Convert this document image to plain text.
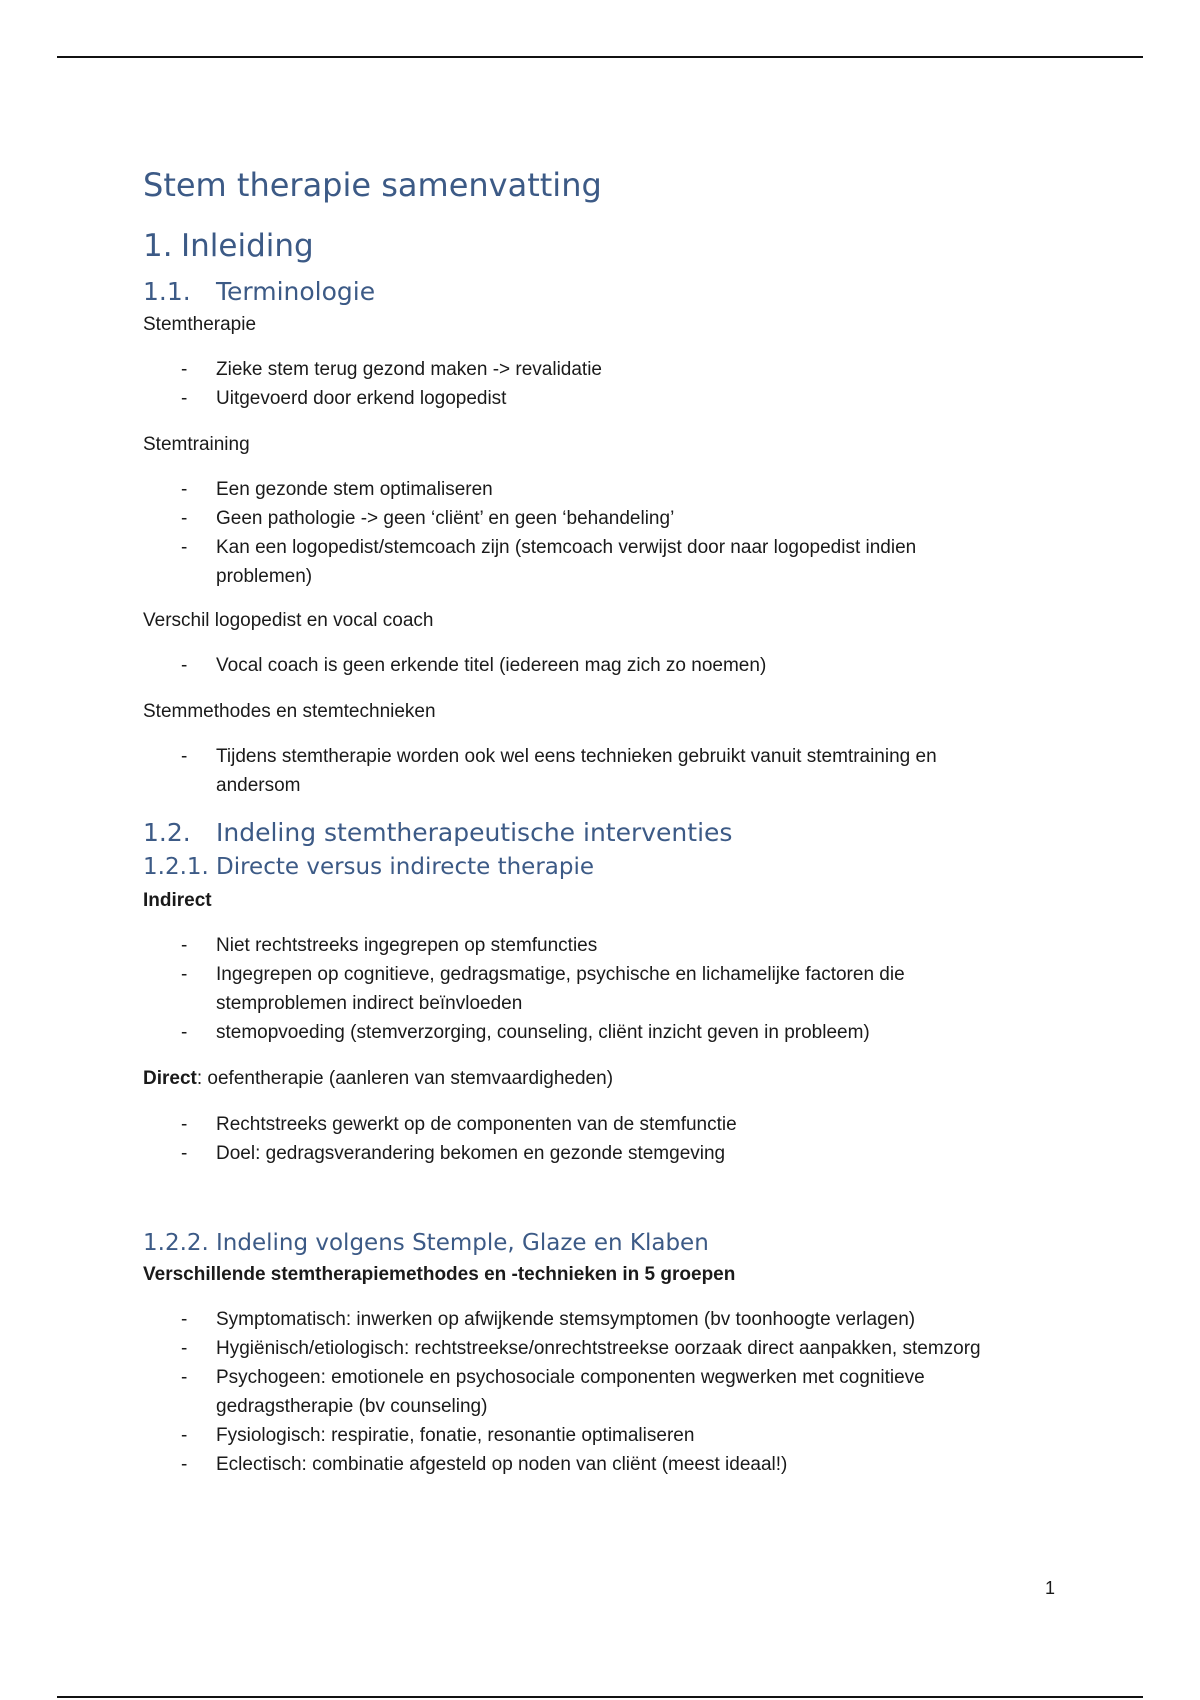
Stem therapie samenvatting
1. Inleiding
1.1. Terminologie
Stemtherapie
- Zieke stem terug gezond maken -> revalidatie
- Uitgevoerd door erkend logopedist
Stemtraining
- Een gezonde stem optimaliseren
- Geen pathologie -> geen ‘cliënt’ en geen ‘behandeling’
- Kan een logopedist/stemcoach zijn (stemcoach verwijst door naar logopedist indien problemen)
Verschil logopedist en vocal coach
- Vocal coach is geen erkende titel (iedereen mag zich zo noemen)
Stemmethodes en stemtechnieken
- Tijdens stemtherapie worden ook wel eens technieken gebruikt vanuit stemtraining en andersom
1.2. Indeling stemtherapeutische interventies
1.2.1. Directe versus indirecte therapie
Indirect
- Niet rechtstreeks ingegrepen op stemfuncties
- Ingegrepen op cognitieve, gedragsmatige, psychische en lichamelijke factoren die stemproblemen indirect beïnvloeden
- stemopvoeding (stemverzorging, counseling, cliënt inzicht geven in probleem)
Direct: oefentherapie (aanleren van stemvaardigheden)
- Rechtstreeks gewerkt op de componenten van de stemfunctie
- Doel: gedragsverandering bekomen en gezonde stemgeving
1.2.2. Indeling volgens Stemple, Glaze en Klaben
Verschillende stemtherapiemethodes en -technieken in 5 groepen
- Symptomatisch: inwerken op afwijkende stemsymptomen (bv toonhoogte verlagen)
- Hygiënisch/etiologisch: rechtstreekse/onrechtstreekse oorzaak direct aanpakken, stemzorg
- Psychogeen: emotionele en psychosociale componenten wegwerken met cognitieve gedragstherapie (bv counseling)
- Fysiologisch: respiratie, fonatie, resonantie optimaliseren
- Eclectisch: combinatie afgesteld op noden van cliënt (meest ideaal!)
1
